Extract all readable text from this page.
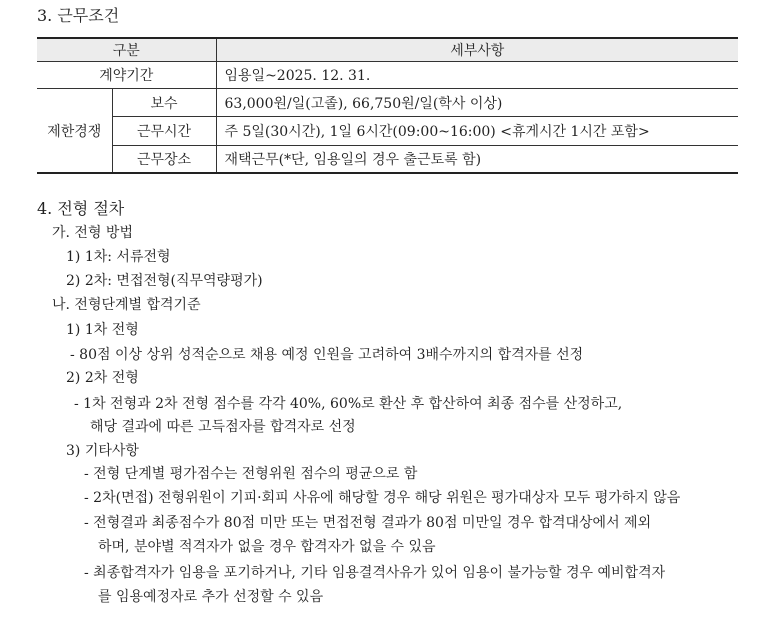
3. 근무조건
구분		세부사항
계약기간		임용일~2025. 12. 31.
제한경쟁	보수	63,000원/일(고졸), 66,750원/일(학사 이상)
	근무시간	주 5일(30시간), 1일 6시간(09:00~16:00) <휴게시간 1시간 포함>
	근무장소	재택근무(*단, 임용일의 경우 출근토록 함)
4. 전형 절차
가. 전형 방법
1) 1차: 서류전형
2) 2차: 면접전형(직무역량평가)
나. 전형단계별 합격기준
1) 1차 전형
- 80점 이상 상위 성적순으로 채용 예정 인원을 고려하여 3배수까지의 합격자를 선정
2) 2차 전형
- 1차 전형과 2차 전형 점수를 각각 40%, 60%로 환산 후 합산하여 최종 점수를 산정하고,
해당 결과에 따른 고득점자를 합격자로 선정
3) 기타사항
- 전형 단계별 평가점수는 전형위원 점수의 평균으로 함
- 2차(면접) 전형위원이 기피·회피 사유에 해당할 경우 해당 위원은 평가대상자 모두 평가하지 않음
- 전형결과 최종점수가 80점 미만 또는 면접전형 결과가 80점 미만일 경우 합격대상에서 제외
하며, 분야별 적격자가 없을 경우 합격자가 없을 수 있음
- 최종합격자가 임용을 포기하거나, 기타 임용결격사유가 있어 임용이 불가능할 경우 예비합격자
를 임용예정자로 추가 선정할 수 있음
